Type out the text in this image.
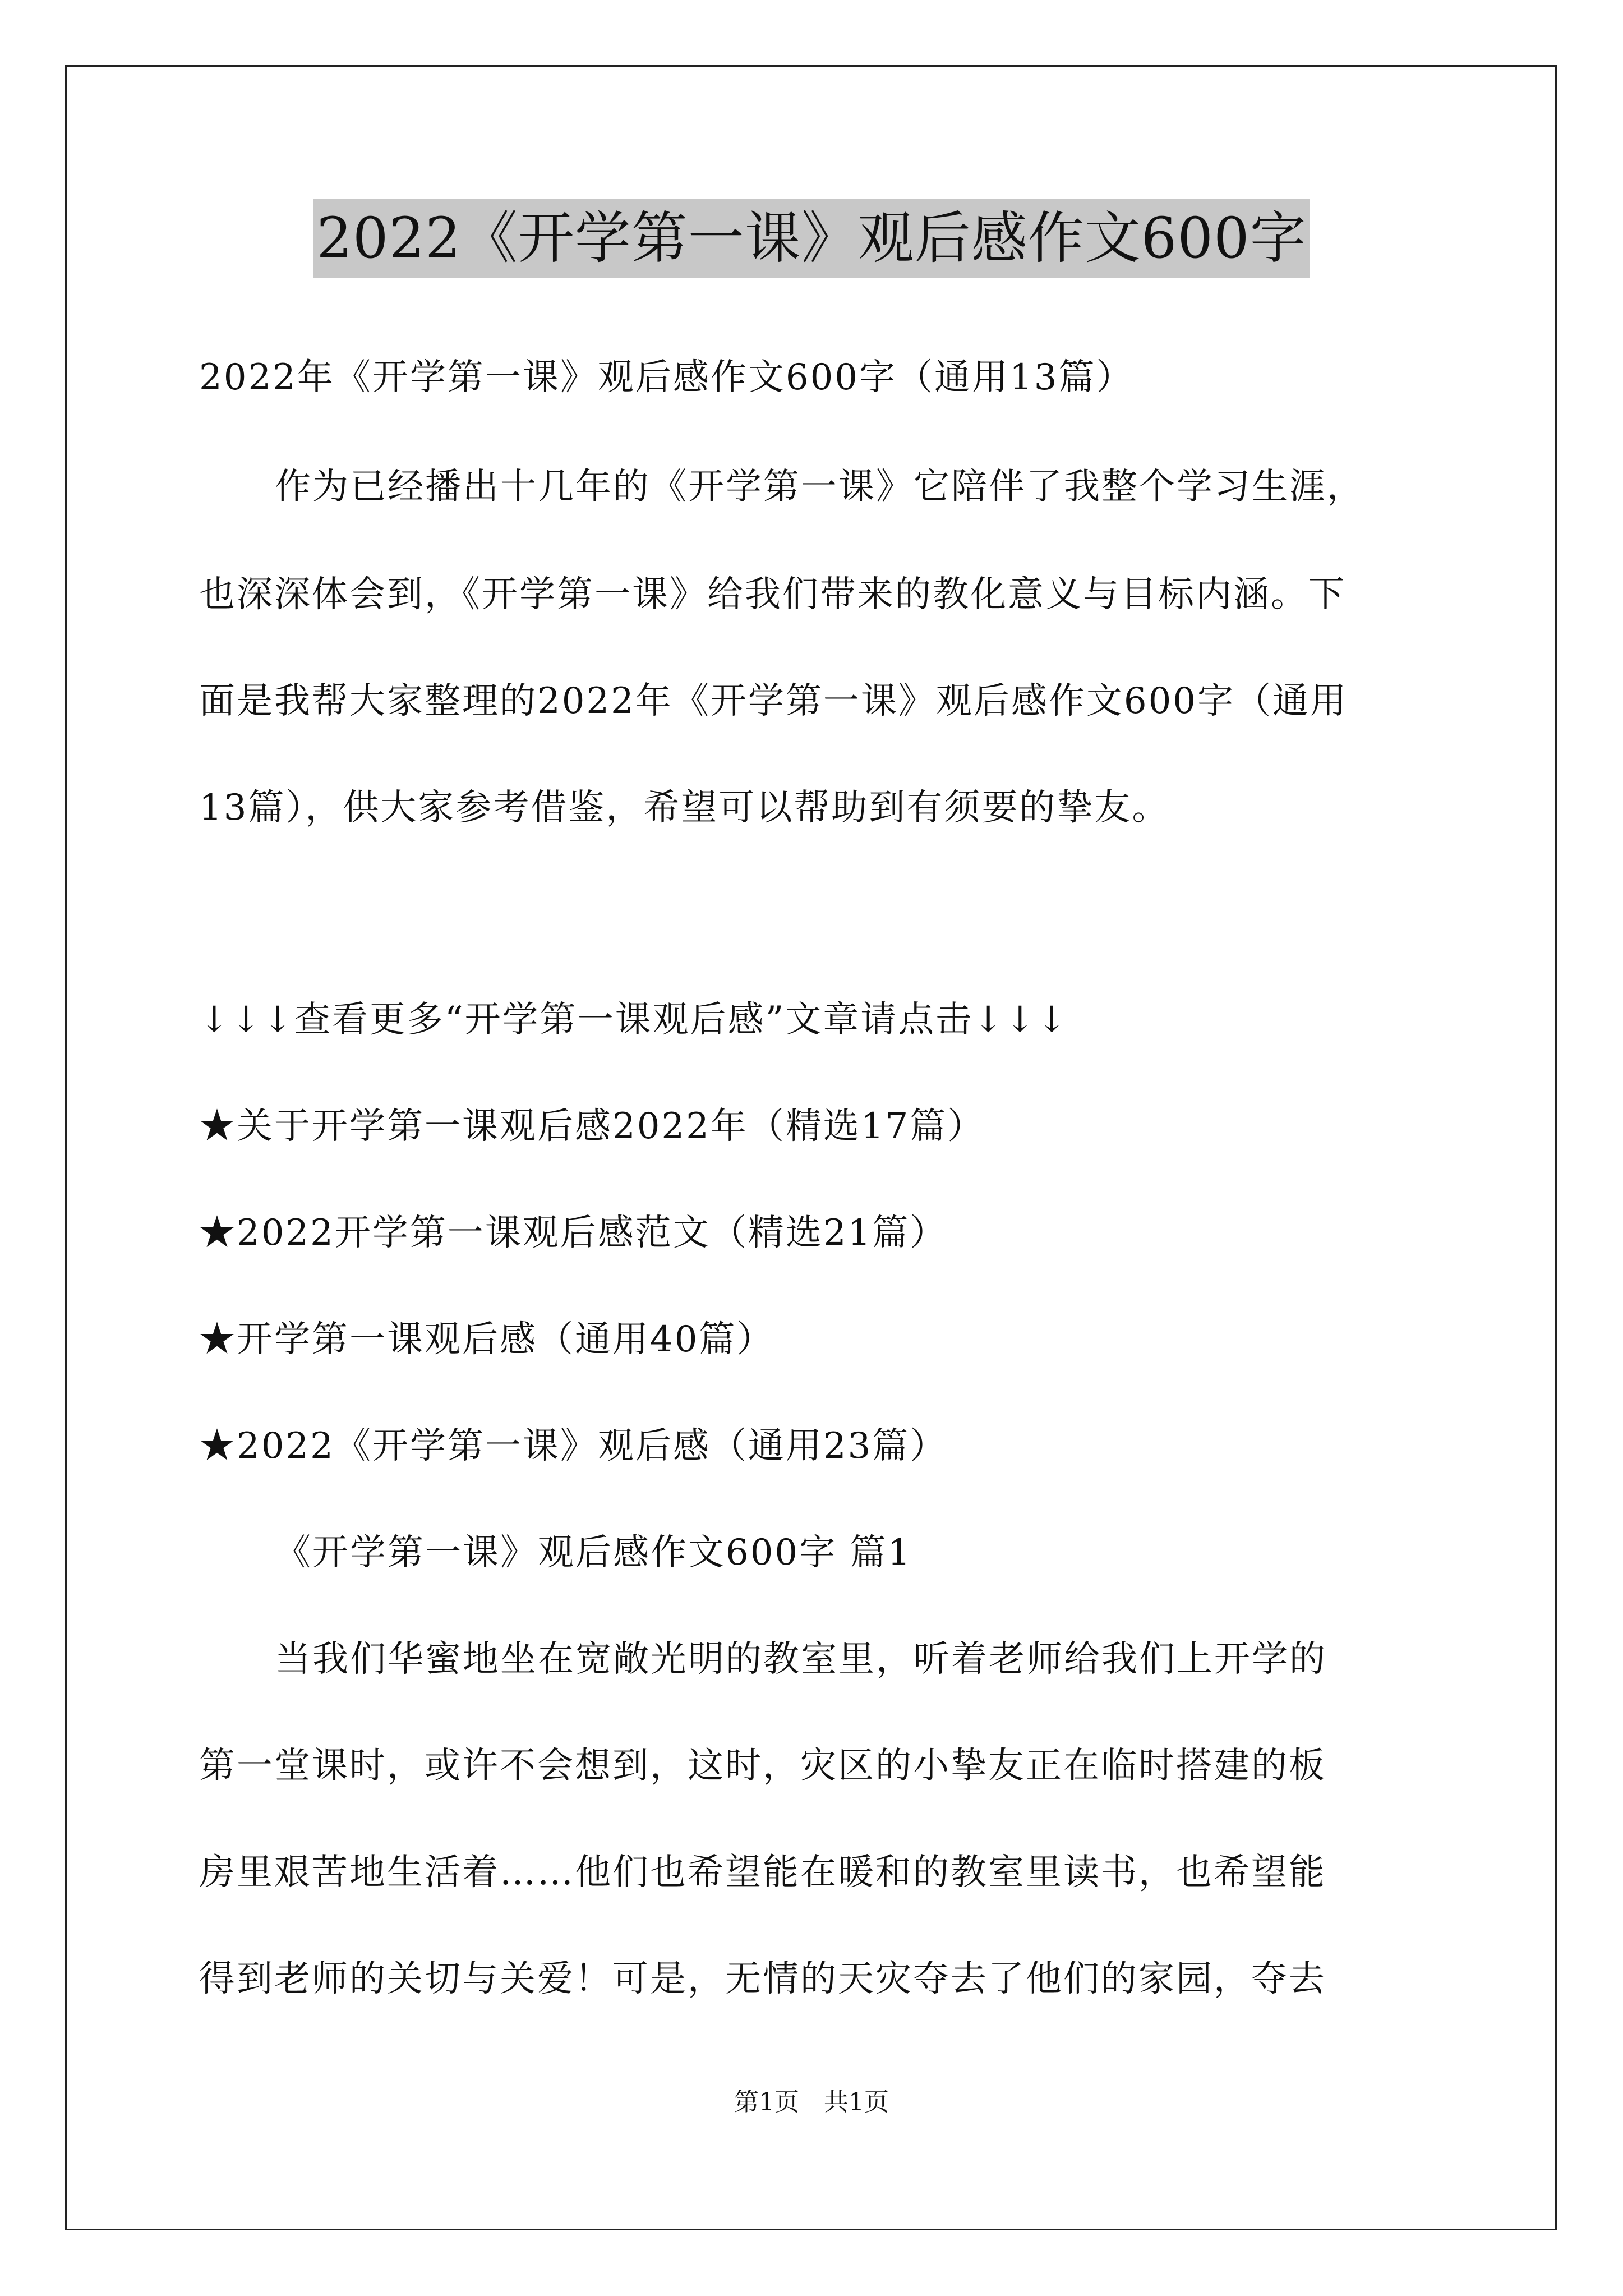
2022《开学第一课》观后感作文600字
2022年《开学第一课》观后感作文600字（通用13篇）
作为已经播出十几年的《开学第一课》它陪伴了我整个学习生涯，
也深深体会到，《开学第一课》给我们带来的教化意义与目标内涵。下
面是我帮大家整理的2022年《开学第一课》观后感作文600字（通用
13篇），供大家参考借鉴，希望可以帮助到有须要的挚友。
↓↓↓查看更多“开学第一课观后感”文章请点击↓↓↓
★关于开学第一课观后感2022年（精选17篇）
★2022开学第一课观后感范文（精选21篇）
★开学第一课观后感（通用40篇）
★2022《开学第一课》观后感（通用23篇）
《开学第一课》观后感作文600字 篇1
当我们华蜜地坐在宽敞光明的教室里，听着老师给我们上开学的
第一堂课时，或许不会想到，这时，灾区的小挚友正在临时搭建的板
房里艰苦地生活着……他们也希望能在暖和的教室里读书，也希望能
得到老师的关切与关爱！可是，无情的天灾夺去了他们的家园，夺去
第1页　共1页
